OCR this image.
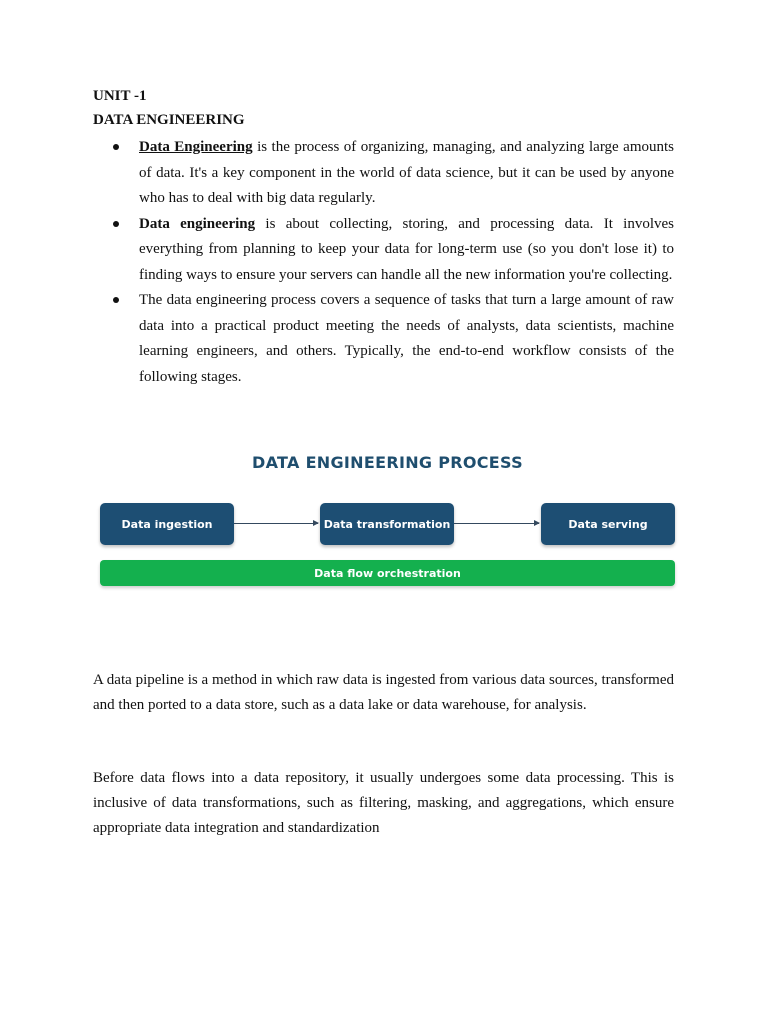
UNIT -1
DATA ENGINEERING
Data Engineering is the process of organizing, managing, and analyzing large amounts of data. It's a key component in the world of data science, but it can be used by anyone who has to deal with big data regularly.
Data engineering is about collecting, storing, and processing data. It involves everything from planning to keep your data for long-term use (so you don't lose it) to finding ways to ensure your servers can handle all the new information you're collecting.
The data engineering process covers a sequence of tasks that turn a large amount of raw data into a practical product meeting the needs of analysts, data scientists, machine learning engineers, and others. Typically, the end-to-end workflow consists of the following stages.
DATA ENGINEERING PROCESS
Data ingestion	Data transformation	Data serving
Data flow orchestration

A data pipeline is a method in which raw data is ingested from various data sources, transformed and then ported to a data store, such as a data lake or data warehouse, for analysis.

Before data flows into a data repository, it usually undergoes some data processing. This is inclusive of data transformations, such as filtering, masking, and aggregations, which ensure appropriate data integration and standardization
